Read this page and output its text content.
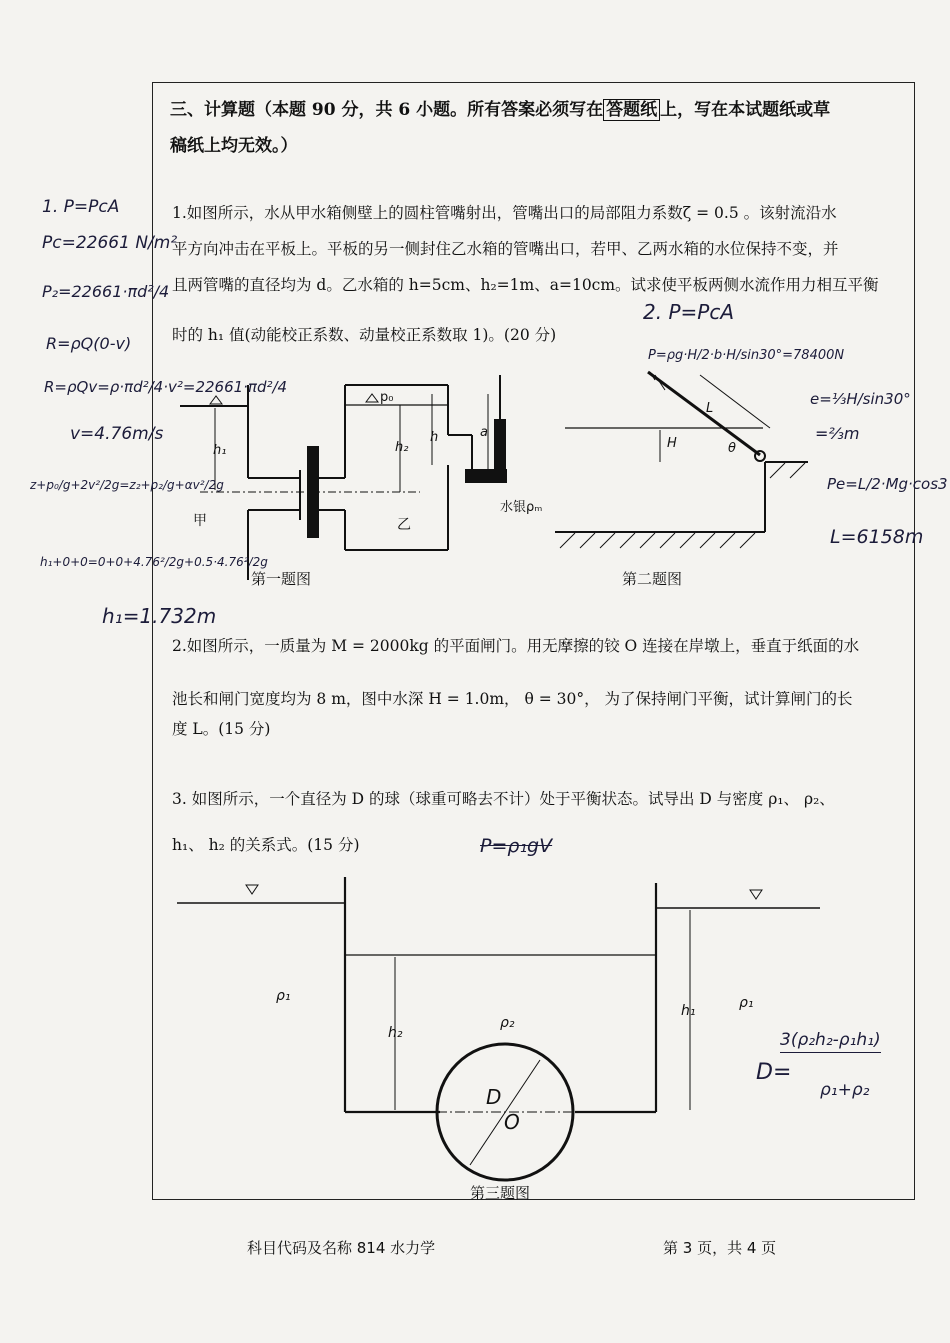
三、计算题（本题 90 分，共 6 小题。所有答案必须写在 答题纸 上，写在本试题纸或草
稿纸上均无效。）
1.如图所示，水从甲水箱侧壁上的圆柱管嘴射出，管嘴出口的局部阻力系数ζ = 0.5 。该射流沿水
平方向冲击在平板上。平板的另一侧封住乙水箱的管嘴出口，若甲、乙两水箱的水位保持不变，并
且两管嘴的直径均为 d。乙水箱的 h=5cm、h₂=1m、a=10cm。试求使平板两侧水流作用力相互平衡
时的 h₁ 值(动能校正系数、动量校正系数取 1)。(20 分)
p₀
h₁	h₂
h	a
甲	乙
水银ρₘ
第一题图
H
L
θ
第二题图
2.如图所示，一质量为 M = 2000kg 的平面闸门。用无摩擦的铰 O 连接在岸墩上，垂直于纸面的水
池长和闸门宽度均为 8 m，图中水深 H = 1.0m， θ = 30°， 为了保持闸门平衡，试计算闸门的长
度 L。(15 分)
3. 如图所示，一个直径为 D 的球（球重可略去不计）处于平衡状态。试导出 D 与密度 ρ₁、 ρ₂、
h₁、 h₂ 的关系式。(15 分)
ρ₁	ρ₁
ρ₂
h₂
h₁
D
O
第三题图
1. P=PcA
Pc=22661 N/m²
P₂=22661·πd²/4
R=ρQ(0-v)
R=ρQv=ρ·πd²/4·v²=22661·πd²/4
v=4.76m/s
z+p₀/g+2v²/2g=z₂+p₂/g+αv²/2g
h₁+0+0=0+0+4.76²/2g+0.5·4.76²/2g
h₁=1.732m
2. P=PcA
P=ρg·H/2·b·H/sin30°=78400N
e=⅓H/sin30°
=⅔m
Pe=L/2·Mg·cos3
L=6158m
P=ρ₁gV
D=
3(ρ₂h₂-ρ₁h₁)
ρ₁+ρ₂
科目代码及名称 814 水力学	第 3 页，共 4 页
